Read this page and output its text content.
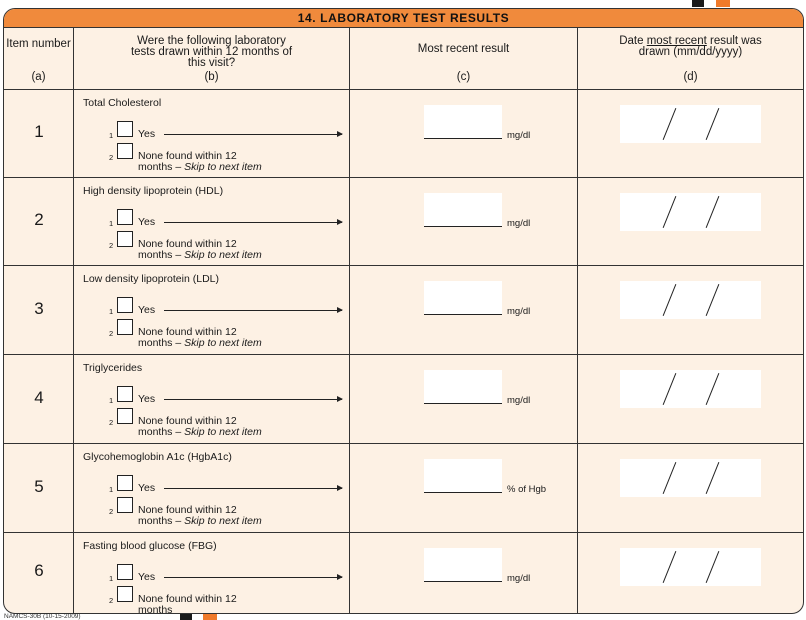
14. LABORATORY TEST RESULTS
Item number
(a)
Were the following laboratory tests drawn within 12 months of this visit?
(b)
Most recent result
(c)
Date most recent result was drawn (mm/dd/yyyy)
(d)
1
Total Cholesterol
1 Yes
2 None found within 12
months – Skip to next item
mg/dl
2
High density lipoprotein (HDL)
1 Yes
2 None found within 12
months – Skip to next item
mg/dl
3
Low density lipoprotein (LDL)
1 Yes
2 None found within 12
months – Skip to next item
mg/dl
4
Triglycerides
1 Yes
2 None found within 12
months – Skip to next item
mg/dl
5
Glycohemoglobin A1c (HgbA1c)
1 Yes
2 None found within 12
months – Skip to next item
% of Hgb
6
Fasting blood glucose (FBG)
1 Yes
2 None found within 12
months
mg/dl
NAMCS-30B (10-15-2009)
